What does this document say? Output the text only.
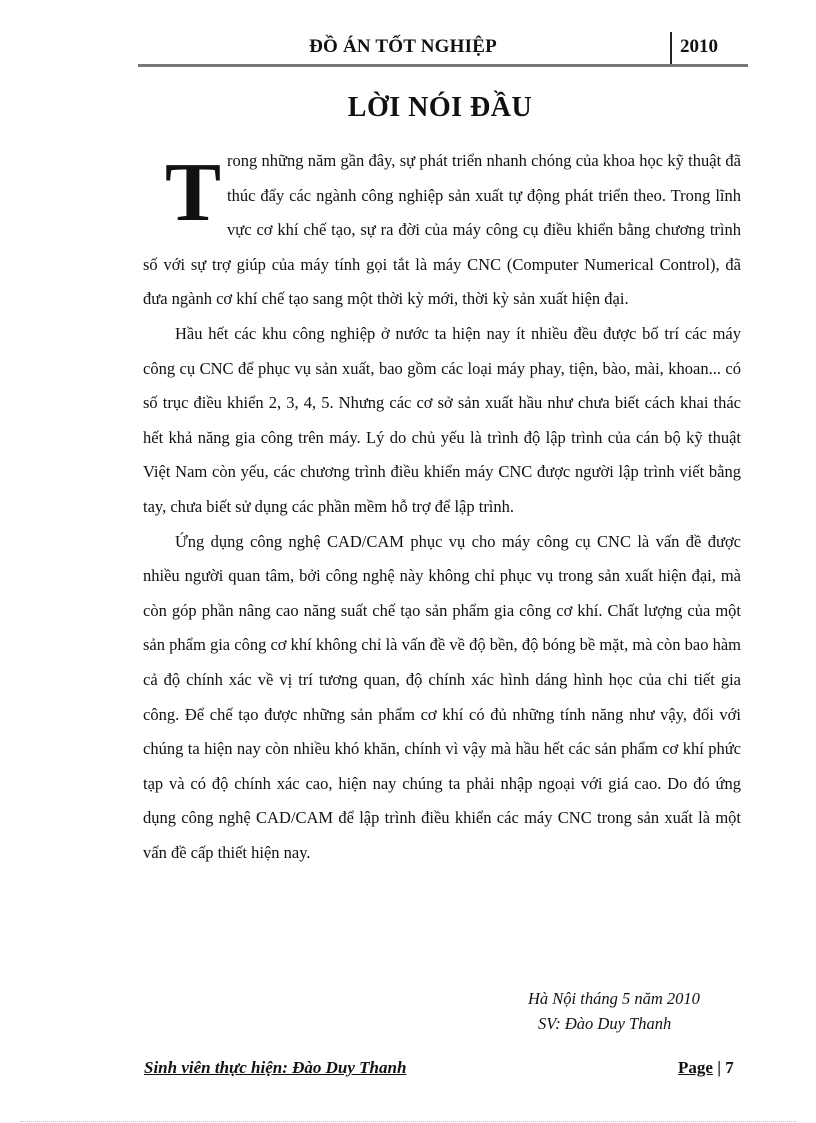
ĐỒ ÁN TỐT NGHIỆP	2010
LỜI NÓI ĐẦU

Trong những năm gần đây, sự phát triển nhanh chóng của khoa học kỹ thuật đã thúc đẩy các ngành công nghiệp sản xuất tự động phát triển theo. Trong lĩnh vực cơ khí chế tạo, sự ra đời của máy công cụ điều khiển bằng chương trình số với sự trợ giúp của máy tính gọi tắt là máy CNC (Computer Numerical Control), đã đưa ngành cơ khí chế tạo sang một thời kỳ mới, thời kỳ sản xuất hiện đại.

Hầu hết các khu công nghiệp ở nước ta hiện nay ít nhiều đều được bố trí các máy công cụ CNC để phục vụ sản xuất, bao gồm các loại máy phay, tiện, bào, mài, khoan... có số trục điều khiển 2, 3, 4, 5. Nhưng các cơ sở sản xuất hầu như chưa biết cách khai thác hết khả năng gia công trên máy. Lý do chủ yếu là trình độ lập trình của cán bộ kỹ thuật Việt Nam còn yếu, các chương trình điều khiển máy CNC được người lập trình viết bằng tay, chưa biết sử dụng các phần mềm hỗ trợ để lập trình.

Ứng dụng công nghệ CAD/CAM phục vụ cho máy công cụ CNC là vấn đề được nhiều người quan tâm, bởi công nghệ này không chỉ phục vụ trong sản xuất hiện đại, mà còn góp phần nâng cao năng suất chế tạo sản phẩm gia công cơ khí. Chất lượng của một sản phẩm gia công cơ khí không chỉ là vấn đề về độ bền, độ bóng bề mặt, mà còn bao hàm cả độ chính xác về vị trí tương quan, độ chính xác hình dáng hình học của chi tiết gia công. Để chế tạo được những sản phẩm cơ khí có đủ những tính năng như vậy, đối với chúng ta hiện nay còn nhiều khó khăn, chính vì vậy mà hầu hết các sản phẩm cơ khí phức tạp và có độ chính xác cao, hiện nay chúng ta phải nhập ngoại với giá cao. Do đó ứng dụng công nghệ CAD/CAM để lập trình điều khiển các máy CNC trong sản xuất là một vấn đề cấp thiết hiện nay.

Hà Nội tháng 5 năm 2010
SV: Đào Duy Thanh
Sinh viên thực hiện: Đào Duy Thanh	Page | 7
